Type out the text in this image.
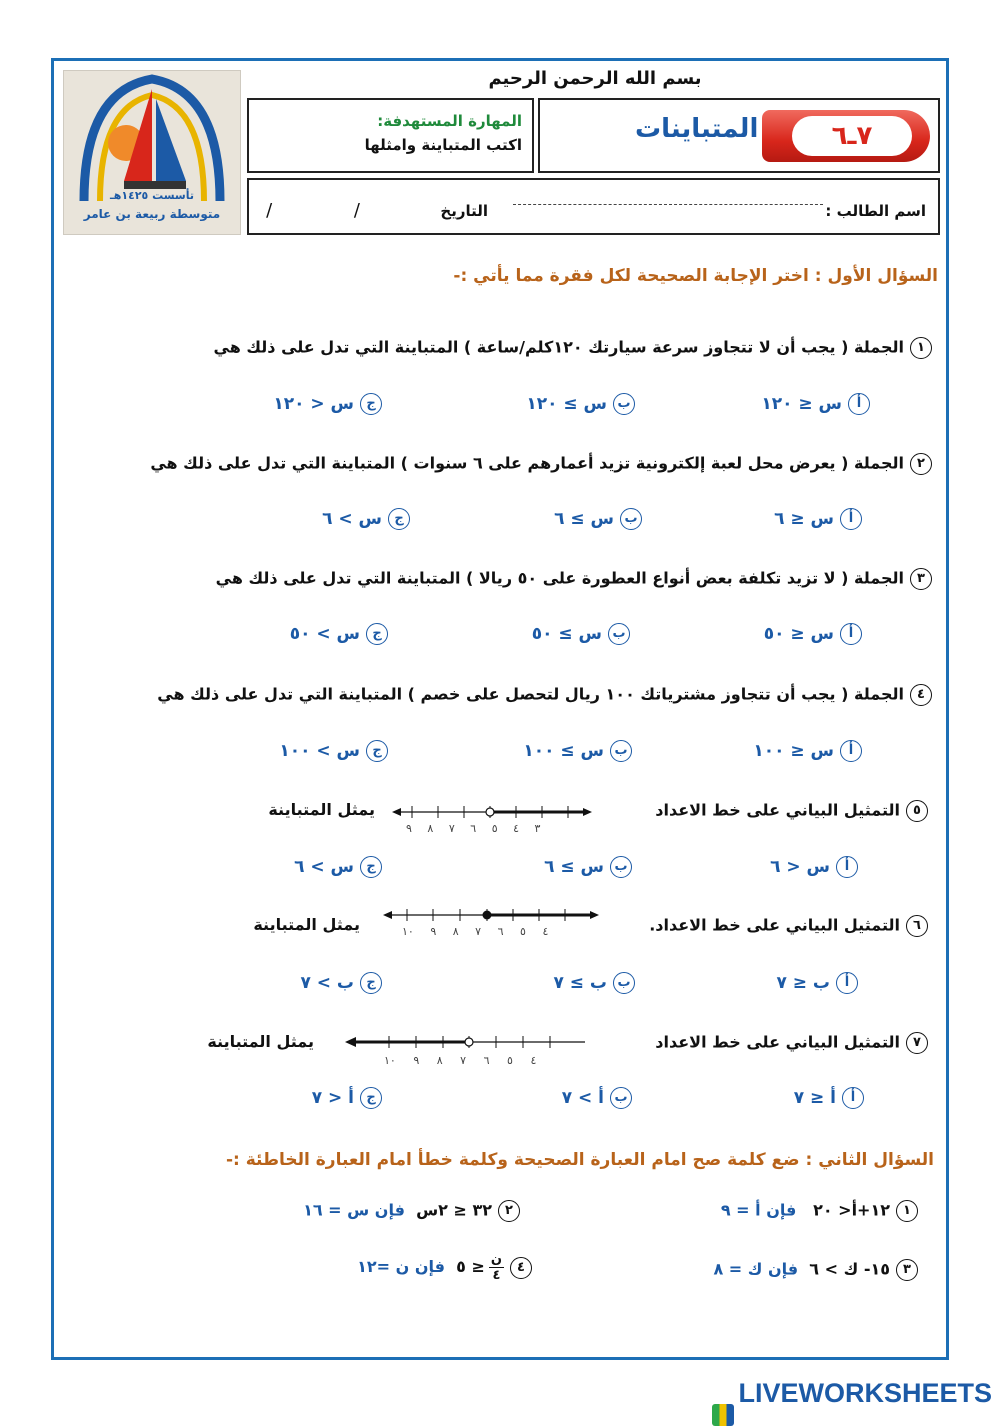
تأسست ١٤٢٥هـ
متوسطة ربيعة بن عامر
بسم الله الرحمن الرحيم
المهارة المستهدفة:
اكتب المتباينة وامثلها
المتباينات	٧ـ٦
اسم الطالب :
التاريخ
/ /
السؤال الأول : اختر الإجابة الصحيحة لكل فقرة مما يأتي :-
١الجملة ( يجب أن لا تتجاوز سرعة سيارتك ١٢٠كلم/ساعة ) المتباينة التي تدل على ذلك هي
أس ≤ ١٢٠
بس ≥ ١٢٠
جس < ١٢٠
٢الجملة ( يعرض محل لعبة إلكترونية تزيد أعمارهم على ٦ سنوات ) المتباينة التي تدل على ذلك هي
أس ≤ ٦
بس ≥ ٦
جس > ٦
٣الجملة ( لا تزيد تكلفة بعض أنواع العطورة على ٥٠ ريالا ) المتباينة التي تدل على ذلك هي
أس ≤ ٥٠
بس ≥ ٥٠
جس > ٥٠
٤الجملة ( يجب أن تتجاوز مشترياتك ١٠٠ ريال لتحصل على خصم ) المتباينة التي تدل على ذلك هي
أس ≤ ١٠٠
بس ≥ ١٠٠
جس > ١٠٠
٥التمثيل البياني على خط الاعداد
٣ ٤ ٥ ٦ ٧ ٨ ٩
يمثل المتباينة
أس < ٦
بس ≥ ٦
جس > ٦
٦التمثيل البياني على خط الاعداد.
٤ ٥ ٦ ٧ ٨ ٩ ١٠
يمثل المتباينة
أب ≤ ٧
بب ≥ ٧
جب > ٧
٧التمثيل البياني على خط الاعداد
٤ ٥ ٦ ٧ ٨ ٩ ١٠
يمثل المتباينة
أأ ≤ ٧
بأ > ٧
جأ < ٧
السؤال الثاني : ضع كلمة صح امام العبارة الصحيحة وكلمة خطأ امام العبارة الخاطئة :-
١١٢+أ< ٢٠   فإن أ = ٩
٢٣٢ ≤ ٢س  فإن س = ١٦
٣١٥- ك > ٦  فإن ك = ٨
٤
ن
٤
≤ ٥  فإن ن =١٢
LIVEWORKSHEETS
